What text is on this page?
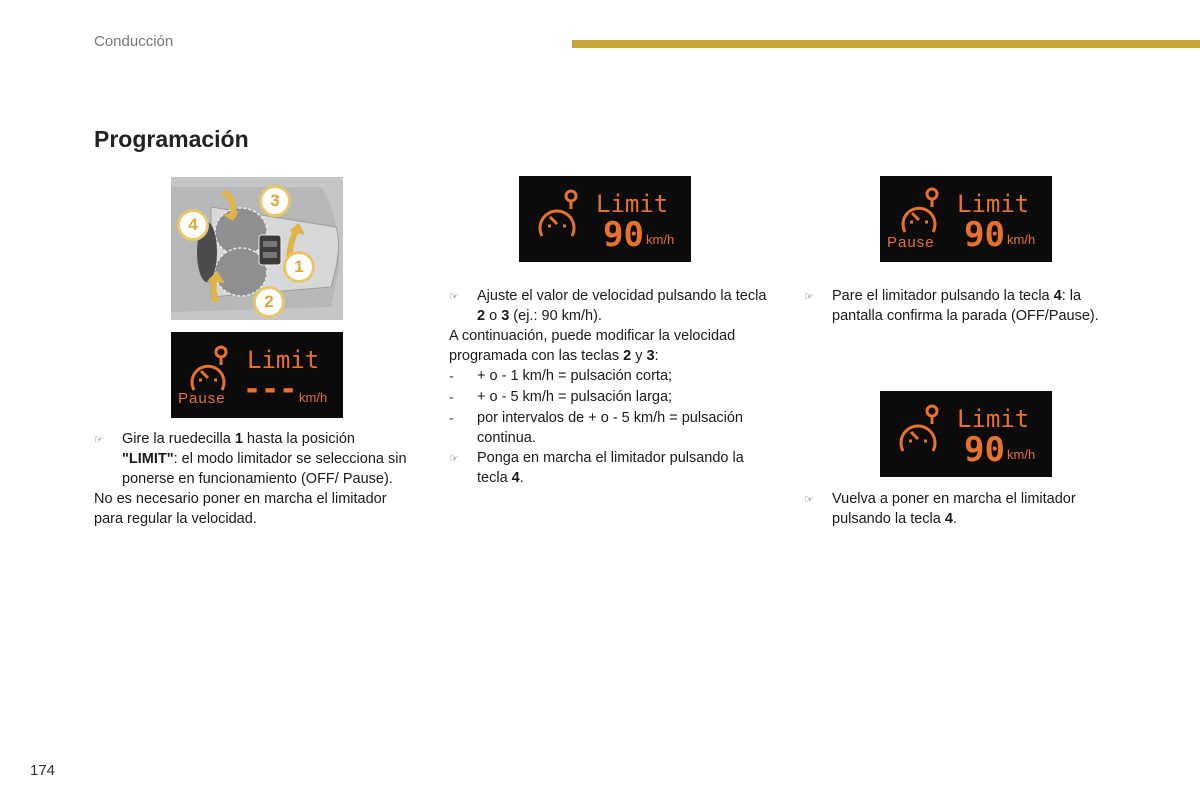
Conducción
Programación
3
4
1
2
Limit
Pause --- km/h
Limit
90 km/h
Limit
Pause 90 km/h
Limit
90 km/h
☞	Gire la ruedecilla 1 hasta la posición "LIMIT": el modo limitador se selecciona sin ponerse en funcionamiento (OFF/ Pause).

No es necesario poner en marcha el limitador para regular la velocidad.

☞	Ajuste el valor de velocidad pulsando la tecla 2 o 3 (ej.: 90 km/h).

A continuación, puede modificar la velocidad programada con las teclas 2 y 3:

-	+ o - 1 km/h = pulsación corta;
-	+ o - 5 km/h = pulsación larga;
-	por intervalos de + o - 5 km/h = pulsación continua.
☞	Ponga en marcha el limitador pulsando la tecla 4.
☞	Pare el limitador pulsando la tecla 4: la pantalla confirma la parada (OFF/Pause).
☞	Vuelva a poner en marcha el limitador pulsando la tecla 4.
174
